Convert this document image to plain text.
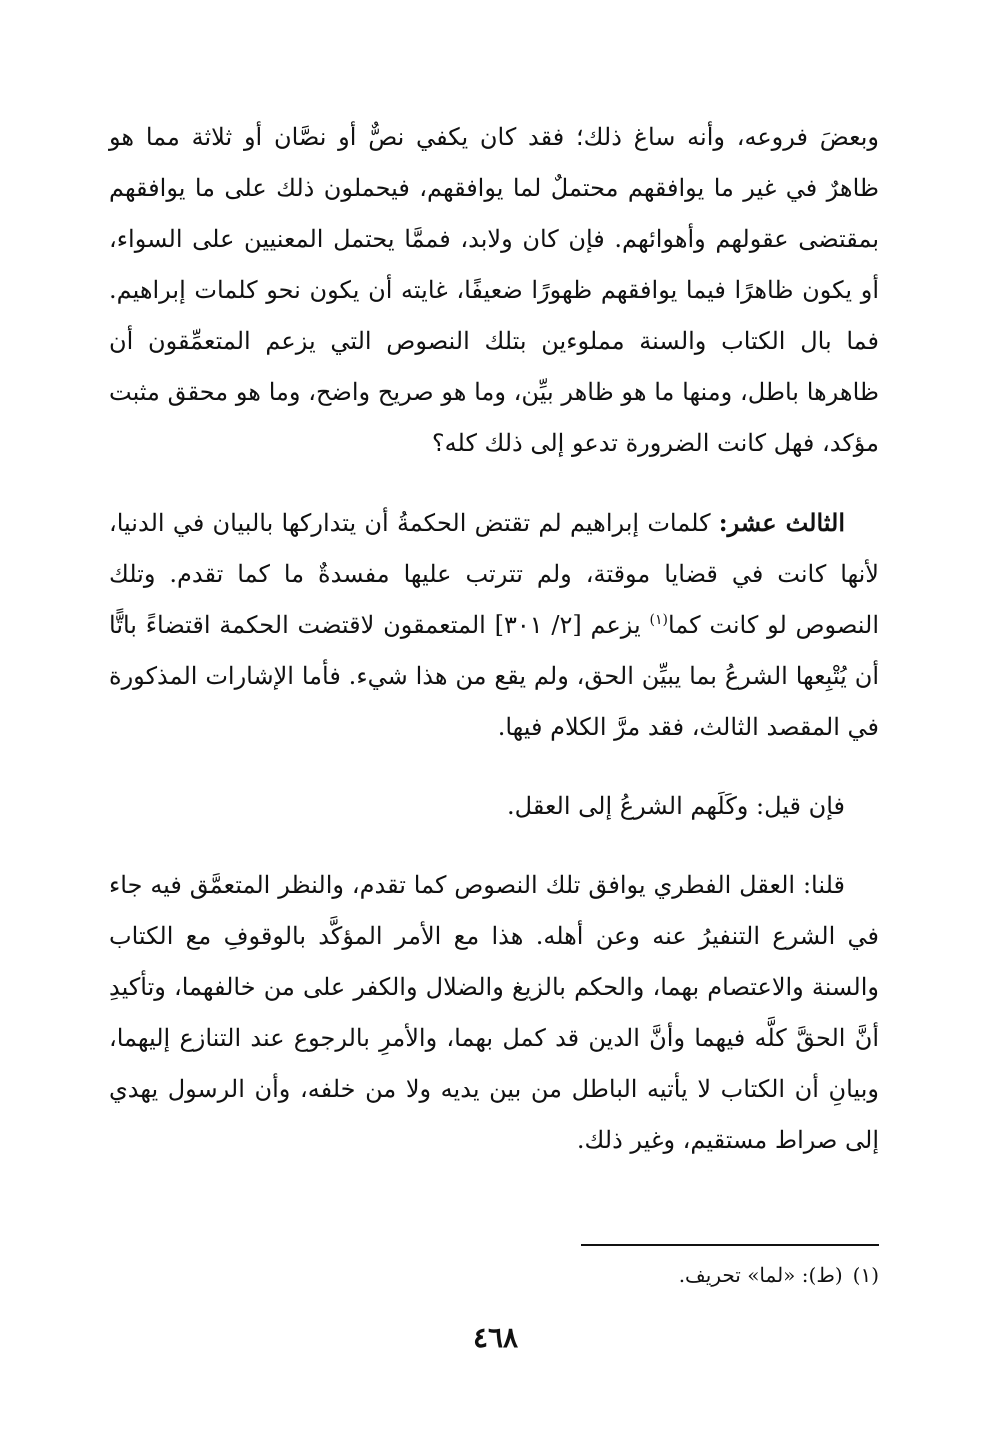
وبعضَ فروعه، وأنه ساغ ذلك؛ فقد كان يكفي نصٌّ أو نصَّان أو ثلاثة مما هو ظاهرٌ في غير ما يوافقهم محتملٌ لما يوافقهم، فيحملون ذلك على ما يوافقهم بمقتضى عقولهم وأهوائهم. فإن كان ولابد، فممَّا يحتمل المعنيين على السواء، أو يكون ظاهرًا فيما يوافقهم ظهورًا ضعيفًا، غايته أن يكون نحو كلمات إبراهيم. فما بال الكتاب والسنة مملوءين بتلك النصوص التي يزعم المتعمِّقون أن ظاهرها باطل، ومنها ما هو ظاهر بيِّن، وما هو صريح واضح، وما هو محقق مثبت مؤكد، فهل كانت الضرورة تدعو إلى ذلك كله؟

الثالث عشر: كلمات إبراهيم لم تقتض الحكمةُ أن يتداركها بالبيان في الدنيا، لأنها كانت في قضايا موقتة، ولم تترتب عليها مفسدةٌ ما كما تقدم. وتلك النصوص لو كانت كما$^{(١)}$ يزعم [٢/ ٣٠١] المتعمقون لاقتضت الحكمة اقتضاءً باتًّا أن يُتْبِعها الشرعُ بما يبيِّن الحق، ولم يقع من هذا شيء. فأما الإشارات المذكورة في المقصد الثالث، فقد مرَّ الكلام فيها.

فإن قيل: وكَلَهم الشرعُ إلى العقل.

قلنا: العقل الفطري يوافق تلك النصوص كما تقدم، والنظر المتعمَّق فيه جاء في الشرع التنفيرُ عنه وعن أهله. هذا مع الأمر المؤكَّد بالوقوفِ مع الكتاب والسنة والاعتصام بهما، والحكم بالزيغ والضلال والكفر على من خالفهما، وتأكيدِ أنَّ الحقَّ كلَّه فيهما وأنَّ الدين قد كمل بهما، والأمرِ بالرجوع عند التنازع إليهما، وبيانِ أن الكتاب لا يأتيه الباطل من بين يديه ولا من خلفه، وأن الرسول يهدي إلى صراط مستقيم، وغير ذلك.

(١)(ط): «لما» تحريف.
٤٦٨
